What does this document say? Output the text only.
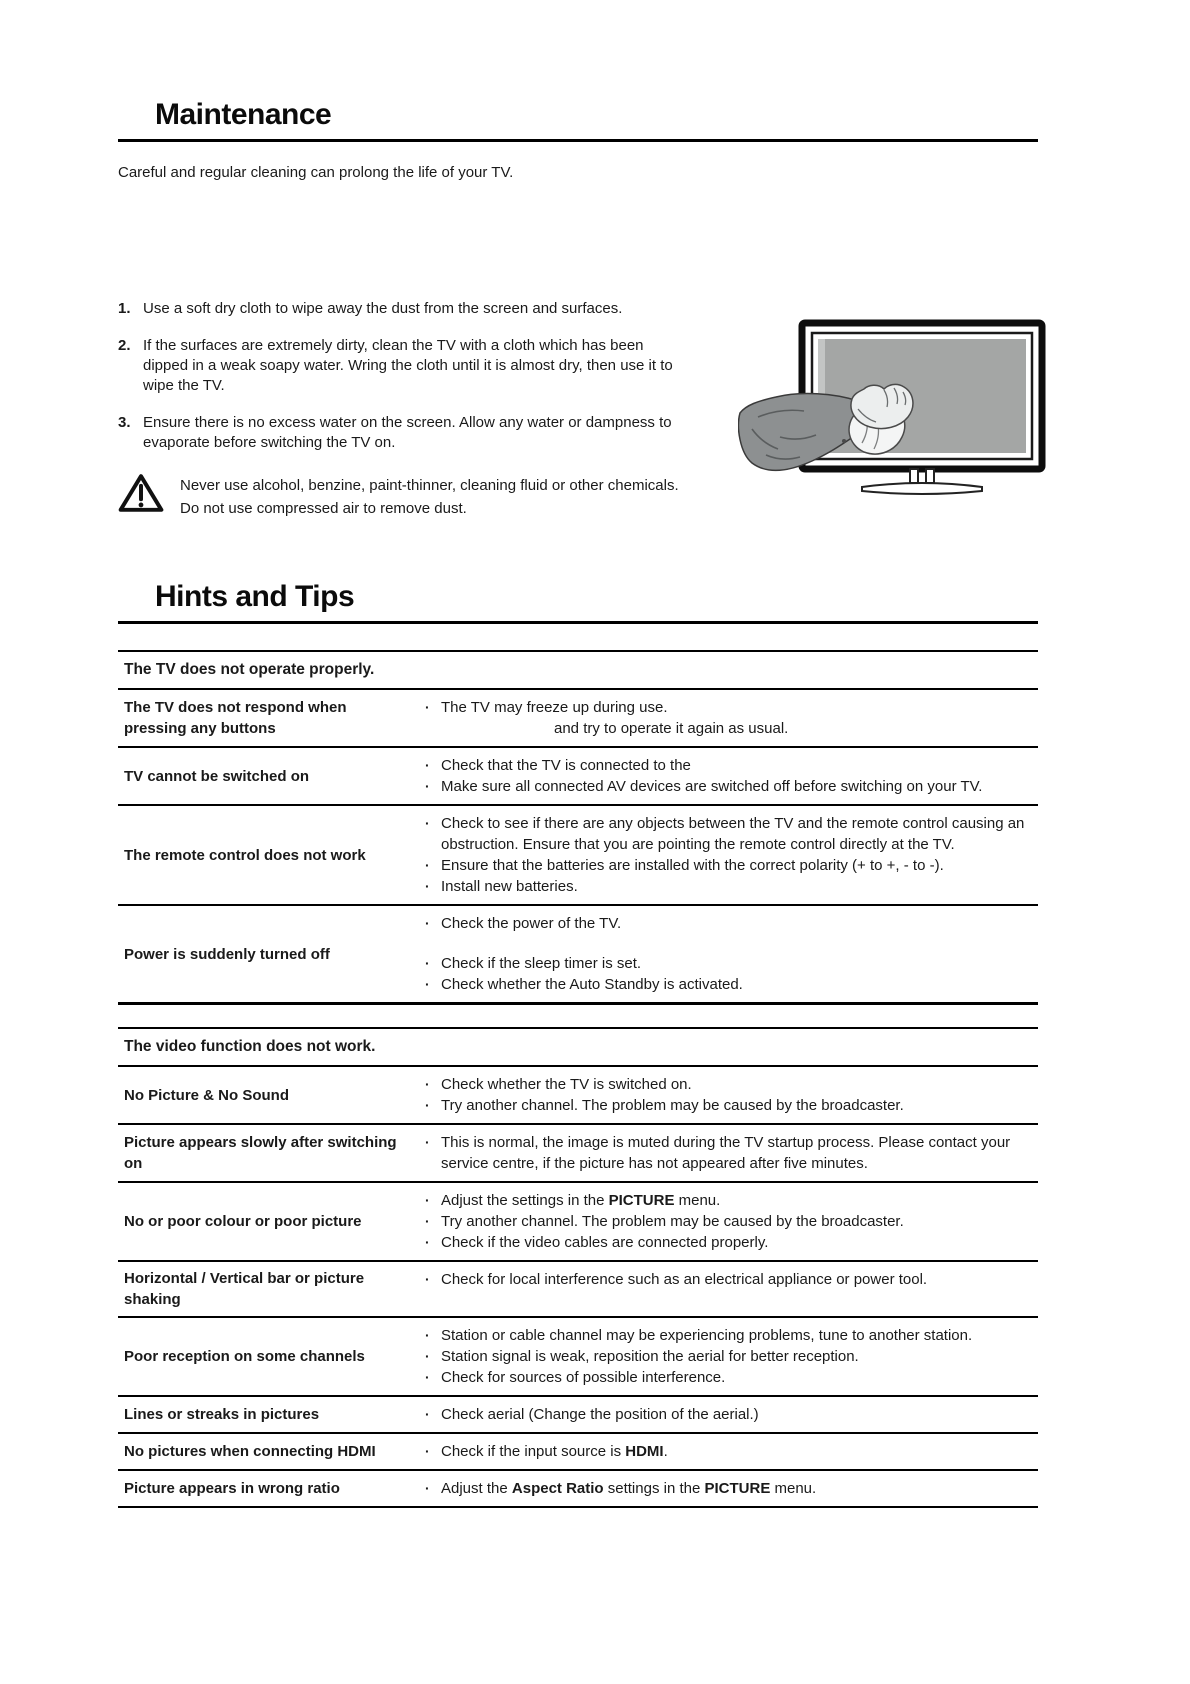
Maintenance

Careful and regular cleaning can prolong the life of your TV.

1. Use a soft dry cloth to wipe away the dust from the screen and surfaces.
2. If the surfaces are extremely dirty, clean the TV with a cloth which has been dipped in a weak soapy water. Wring the cloth until it is almost dry, then use it to wipe the TV.
3. Ensure there is no excess water on the screen. Allow any water or dampness to evaporate before switching the TV on.
Never use alcohol, benzine, paint-thinner, cleaning fluid or other chemicals.
Do not use compressed air to remove dust.
Hints and Tips
The TV does not operate properly.
The TV does not respond when pressing any buttons
· The TV may freeze up during use.
and try to operate it again as usual.
TV cannot be switched on
· Check that the TV is connected to the
· Make sure all connected AV devices are switched off before switching on your TV.
The remote control does not work
· Check to see if there are any objects between the TV and the remote control causing an obstruction. Ensure that you are pointing the remote control directly at the TV.
· Ensure that the batteries are installed with the correct polarity (+ to +, - to -).
· Install new batteries.
Power is suddenly turned off
· Check the power of the TV.
· Check if the sleep timer is set.
· Check whether the Auto Standby is activated.
The video function does not work.
No Picture & No Sound
· Check whether the TV is switched on.
· Try another channel. The problem may be caused by the broadcaster.
Picture appears slowly after switching on
· This is normal, the image is muted during the TV startup process. Please contact your service centre, if the picture has not appeared after five minutes.
No or poor colour or poor picture
· Adjust the settings in the PICTURE menu.
· Try another channel. The problem may be caused by the broadcaster.
· Check if the video cables are connected properly.
Horizontal / Vertical bar or picture shaking
· Check for local interference such as an electrical appliance or power tool.
Poor reception on some channels
· Station or cable channel may be experiencing problems, tune to another station.
· Station signal is weak, reposition the aerial for better reception.
· Check for sources of possible interference.
Lines or streaks in pictures	· Check aerial (Change the position of the aerial.)
No pictures when connecting HDMI	· Check if the input source is HDMI.
Picture appears in wrong ratio	· Adjust the Aspect Ratio settings in the PICTURE menu.
